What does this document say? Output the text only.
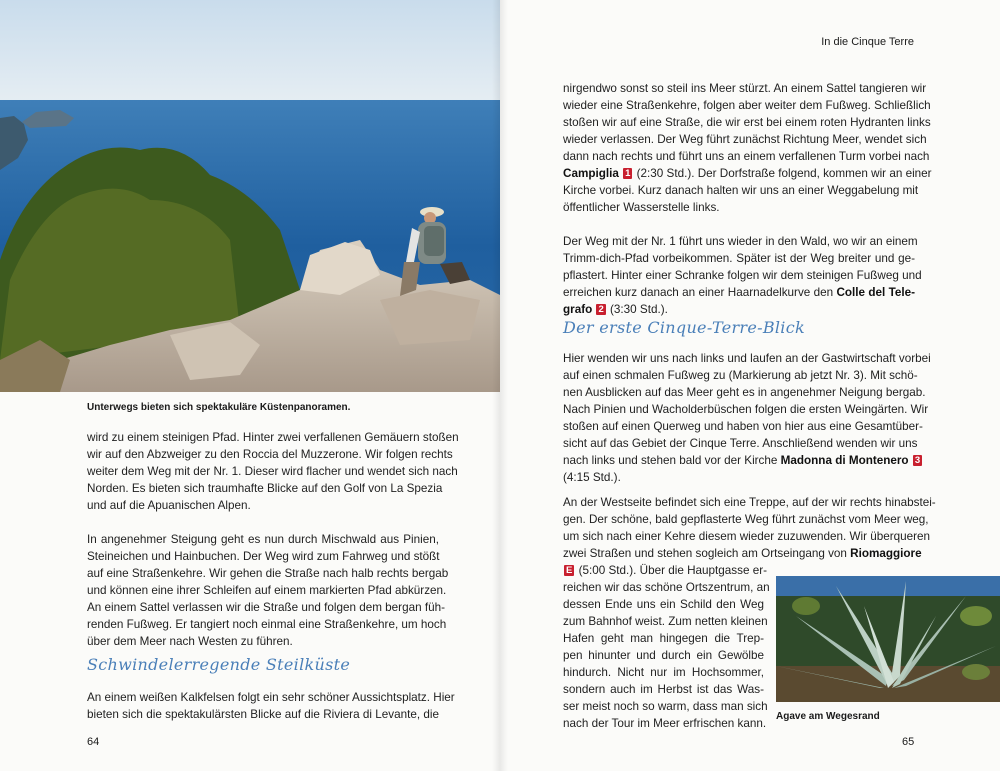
Unterwegs bieten sich spektakuläre Küstenpanoramen.

wird zu einem steinigen Pfad. Hinter zwei verfallenen Gemäuern stoßen
wir auf den Abzweiger zu den Roccia del Muzzerone. Wir folgen rechts
weiter dem Weg mit der Nr. 1. Dieser wird flacher und wendet sich nach
Norden. Es bieten sich traumhafte Blicke auf den Golf von La Spezia
und auf die Apuanischen Alpen.

In angenehmer Steigung geht es nun durch Mischwald aus Pinien,
Steineichen und Hainbuchen. Der Weg wird zum Fahrweg und stößt
auf eine Straßenkehre. Wir gehen die Straße nach halb rechts bergab
und können eine ihrer Schleifen auf einem markierten Pfad abkürzen.
An einem Sattel verlassen wir die Straße und folgen dem bergan füh-
renden Fußweg. Er tangiert noch einmal eine Straßenkehre, um hoch
über dem Meer nach Westen zu führen.

Schwindelerregende Steilküste

An einem weißen Kalkfelsen folgt ein sehr schöner Aussichtsplatz. Hier
bieten sich die spektakulärsten Blicke auf die Riviera di Levante, die

64	65
In die Cinque Terre

nirgendwo sonst so steil ins Meer stürzt. An einem Sattel tangieren wir
wieder eine Straßenkehre, folgen aber weiter dem Fußweg. Schließlich
stoßen wir auf eine Straße, die wir erst bei einem roten Hydranten links
wieder verlassen. Der Weg führt zunächst Richtung Meer, wendet sich
dann nach rechts und führt uns an einem verfallenen Turm vorbei nach
Campiglia 1 (2:30 Std.). Der Dorfstraße folgend, kommen wir an einer
Kirche vorbei. Kurz danach halten wir uns an einer Weggabelung mit
öffentlicher Wasserstelle links.

Der Weg mit der Nr. 1 führt uns wieder in den Wald, wo wir an einem
Trimm-dich-Pfad vorbeikommen. Später ist der Weg breiter und ge-
pflastert. Hinter einer Schranke folgen wir dem steinigen Fußweg und
erreichen kurz danach an einer Haarnadelkurve den Colle del Tele-
grafo 2 (3:30 Std.).

Der erste Cinque-Terre-Blick

Hier wenden wir uns nach links und laufen an der Gastwirtschaft vorbei
auf einen schmalen Fußweg zu (Markierung ab jetzt Nr. 3). Mit schö-
nen Ausblicken auf das Meer geht es in angenehmer Neigung bergab.
Nach Pinien und Wacholderbüschen folgen die ersten Weingärten. Wir
stoßen auf einen Querweg und haben von hier aus eine Gesamtüber-
sicht auf das Gebiet der Cinque Terre. Anschließend wenden wir uns
nach links und stehen bald vor der Kirche Madonna di Montenero 3
(4:15 Std.).

An der Westseite befindet sich eine Treppe, auf der wir rechts hinabstei-
gen. Der schöne, bald gepflasterte Weg führt zunächst vom Meer weg,
um sich nach einer Kehre diesem wieder zuzuwenden. Wir überqueren
zwei Straßen und stehen sogleich am Ortseingang von Riomaggiore

E (5:00 Std.). Über die Hauptgasse er-
reichen wir das schöne Ortszentrum, an
dessen Ende uns ein Schild den Weg
zum Bahnhof weist. Zum netten kleinen
Hafen geht man hingegen die Trep-
pen hinunter und durch ein Gewölbe
hindurch. Nicht nur im Hochsommer,
sondern auch im Herbst ist das Was-
ser meist noch so warm, dass man sich
nach der Tour im Meer erfrischen kann.

Agave am Wegesrand
